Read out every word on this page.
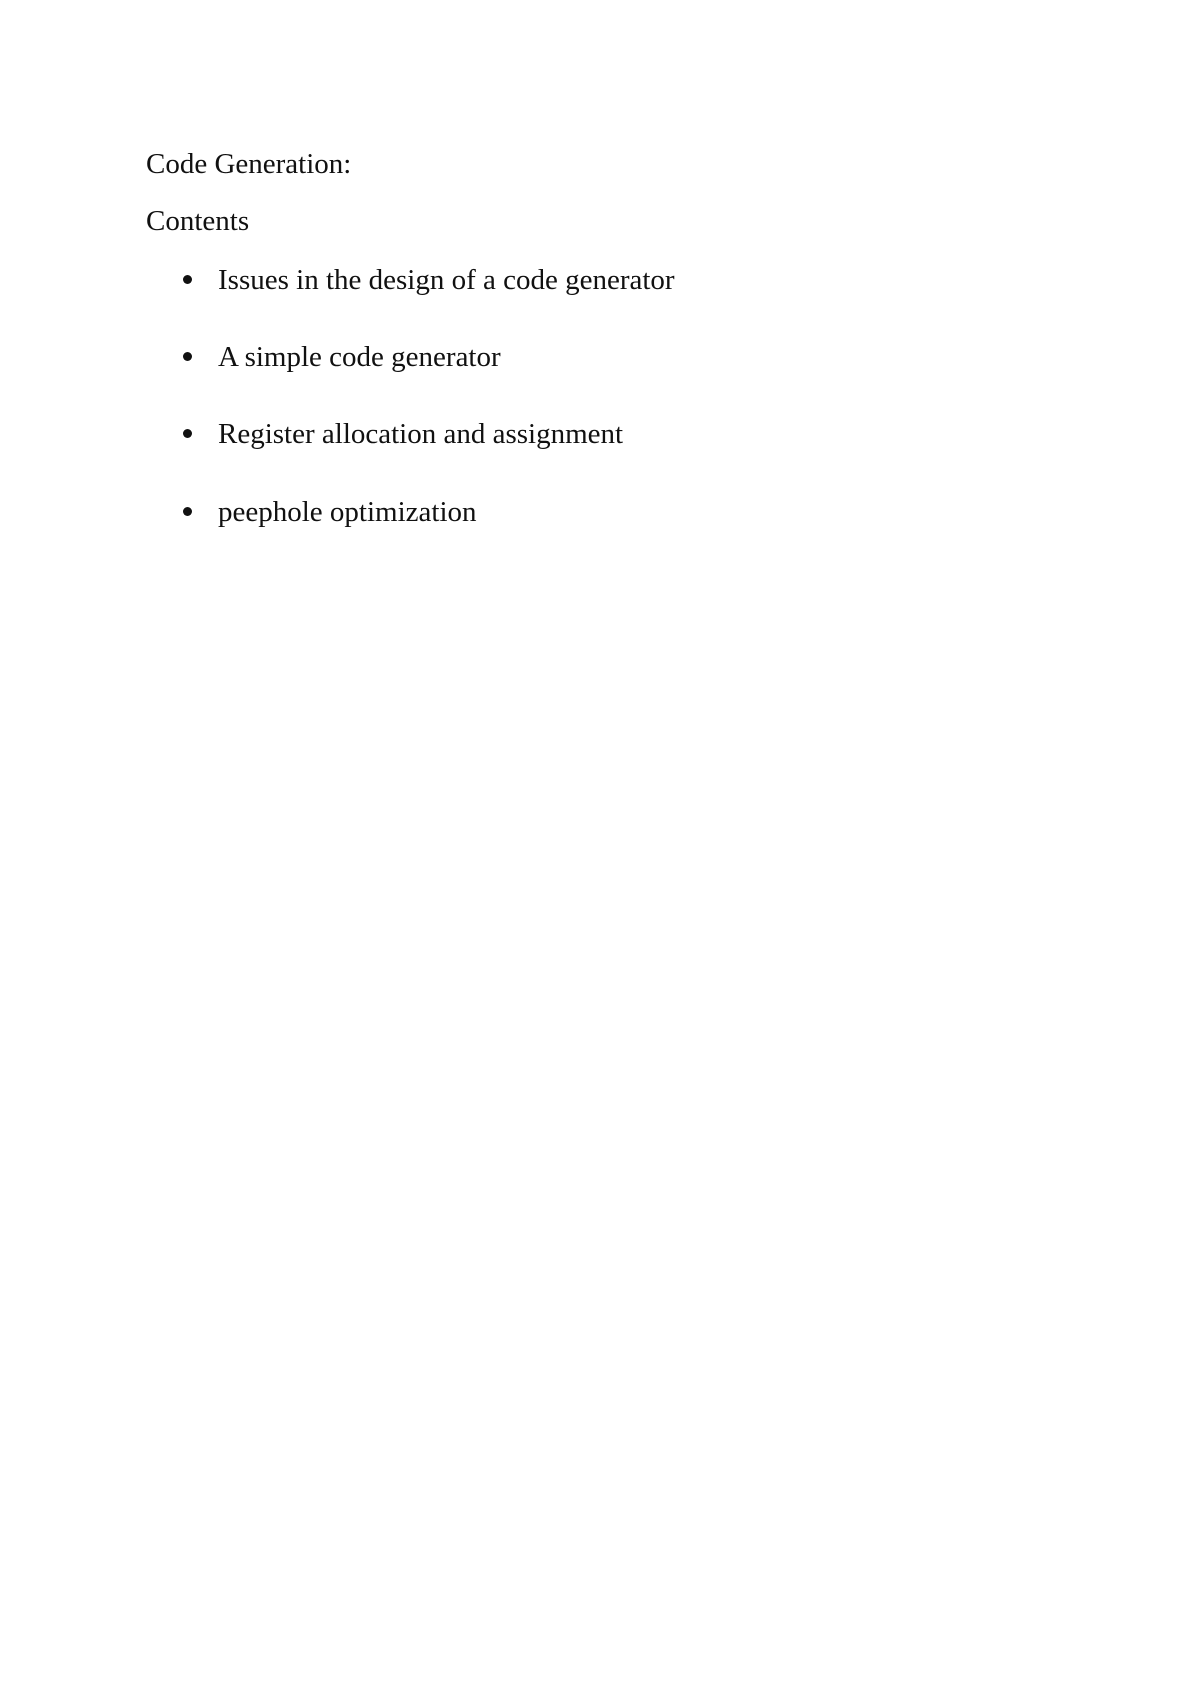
Code Generation:
Contents
Issues in the design of a code generator
A simple code generator
Register allocation and assignment
peephole optimization
